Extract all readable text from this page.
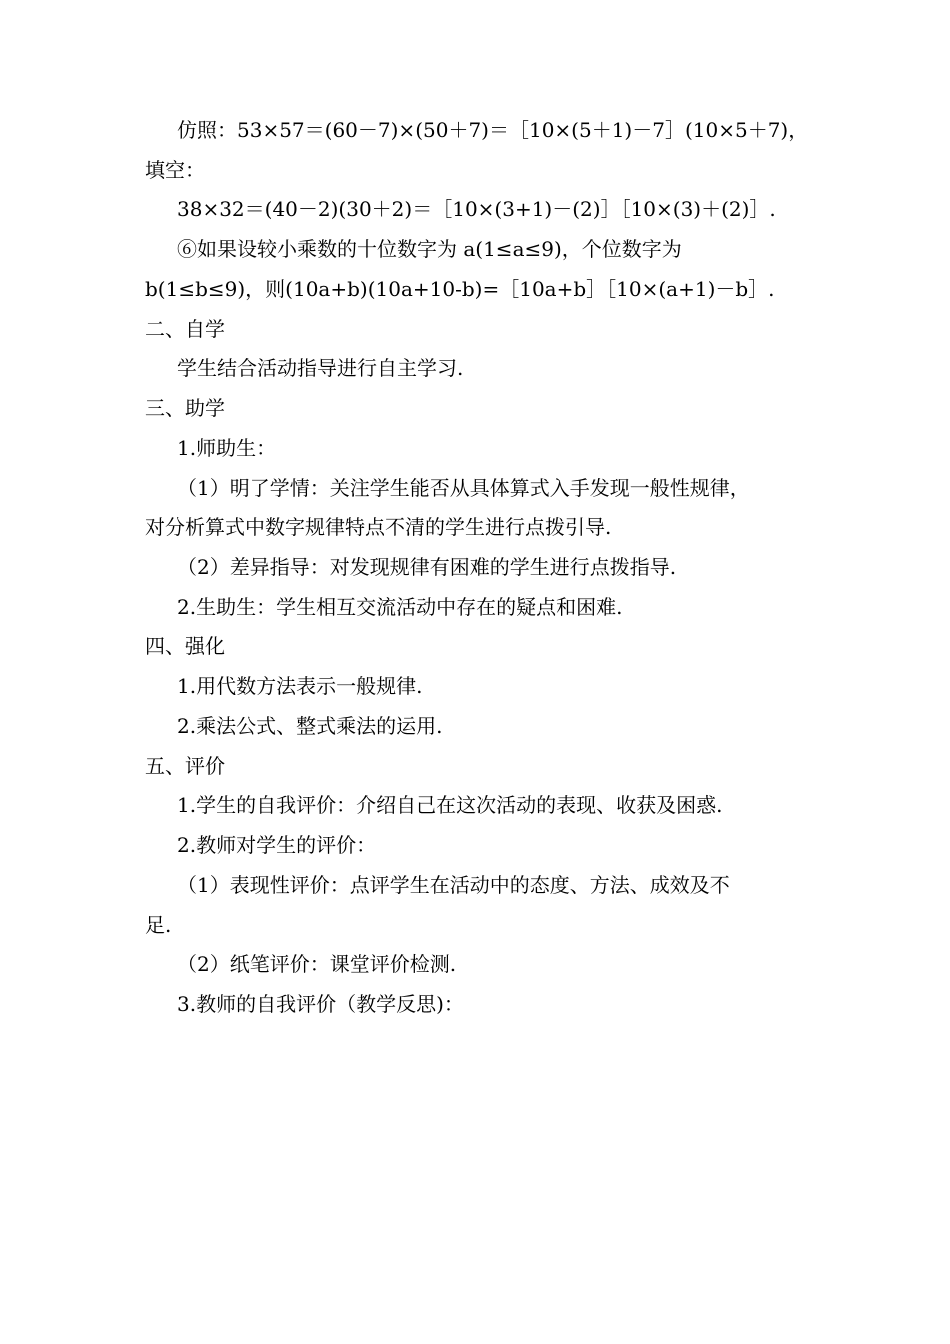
仿照：53×57＝(60－7)×(50＋7)＝［10×(5＋1)－7］(10×5＋7)，
填空：
38×32＝(40－2)(30＋2)＝［10×(3+1)－(2)］［10×(3)＋(2)］.
⑥如果设较小乘数的十位数字为 a(1≤a≤9)，个位数字为
b(1≤b≤9)，则(10a+b)(10a+10-b)=［10a+b］［10×(a+1)－b］.
二、自学
学生结合活动指导进行自主学习.
三、助学
1.师助生：
（1）明了学情：关注学生能否从具体算式入手发现一般性规律，
对分析算式中数字规律特点不清的学生进行点拨引导.
（2）差异指导：对发现规律有困难的学生进行点拨指导.
2.生助生：学生相互交流活动中存在的疑点和困难.
四、强化
1.用代数方法表示一般规律.
2.乘法公式、整式乘法的运用.
五、评价
1.学生的自我评价：介绍自己在这次活动的表现、收获及困惑.
2.教师对学生的评价：
（1）表现性评价：点评学生在活动中的态度、方法、成效及不
足.
（2）纸笔评价：课堂评价检测.
3.教师的自我评价（教学反思)：
